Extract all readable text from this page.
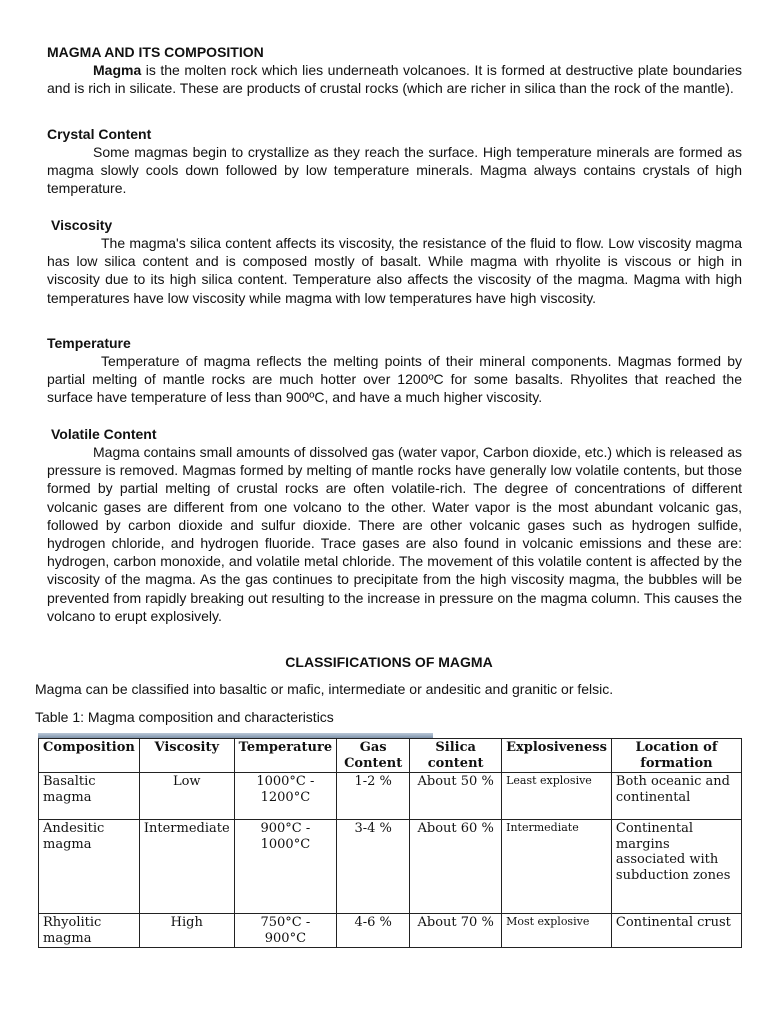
MAGMA AND ITS COMPOSITION

Magma is the molten rock which lies underneath volcanoes. It is formed at destructive plate boundaries and is rich in silicate. These are products of crustal rocks (which are richer in silica than the rock of the mantle).

Crystal Content

Some magmas begin to crystallize as they reach the surface. High temperature minerals are formed as magma slowly cools down followed by low temperature minerals. Magma always contains crystals of high temperature.

Viscosity

The magma's silica content affects its viscosity, the resistance of the fluid to flow. Low viscosity magma has low silica content and is composed mostly of basalt. While magma with rhyolite is viscous or high in viscosity due to its high silica content. Temperature also affects the viscosity of the magma. Magma with high temperatures have low viscosity while magma with low temperatures have high viscosity.

Temperature

Temperature of magma reflects the melting points of their mineral components. Magmas formed by partial melting of mantle rocks are much hotter over 1200ºC for some basalts. Rhyolites that reached the surface have temperature of less than 900ºC, and have a much higher viscosity.

Volatile Content

Magma contains small amounts of dissolved gas (water vapor, Carbon dioxide, etc.) which is released as pressure is removed. Magmas formed by melting of mantle rocks have generally low volatile contents, but those formed by partial melting of crustal rocks are often volatile-rich. The degree of concentrations of different volcanic gases are different from one volcano to the other. Water vapor is the most abundant volcanic gas, followed by carbon dioxide and sulfur dioxide. There are other volcanic gases such as hydrogen sulfide, hydrogen chloride, and hydrogen fluoride. Trace gases are also found in volcanic emissions and these are: hydrogen, carbon monoxide, and volatile metal chloride. The movement of this volatile content is affected by the viscosity of the magma. As the gas continues to precipitate from the high viscosity magma, the bubbles will be prevented from rapidly breaking out resulting to the increase in pressure on the magma column. This causes the volcano to erupt explosively.

CLASSIFICATIONS OF MAGMA
Magma can be classified into basaltic or mafic, intermediate or andesitic and granitic or felsic.
Table 1: Magma composition and characteristics
Composition	Viscosity	Temperature	Gas Content	Silica content	Explosiveness	Location of formation
Basaltic magma	Low	1000°C - 1200°C	1-2 %	About 50 %	Least explosive	Both oceanic and continental
Andesitic magma	Intermediate	900°C - 1000°C	3-4 %	About 60 %	Intermediate	Continental margins associated with subduction zones
Rhyolitic magma	High	750°C - 900°C	4-6 %	About 70 %	Most explosive	Continental crust
